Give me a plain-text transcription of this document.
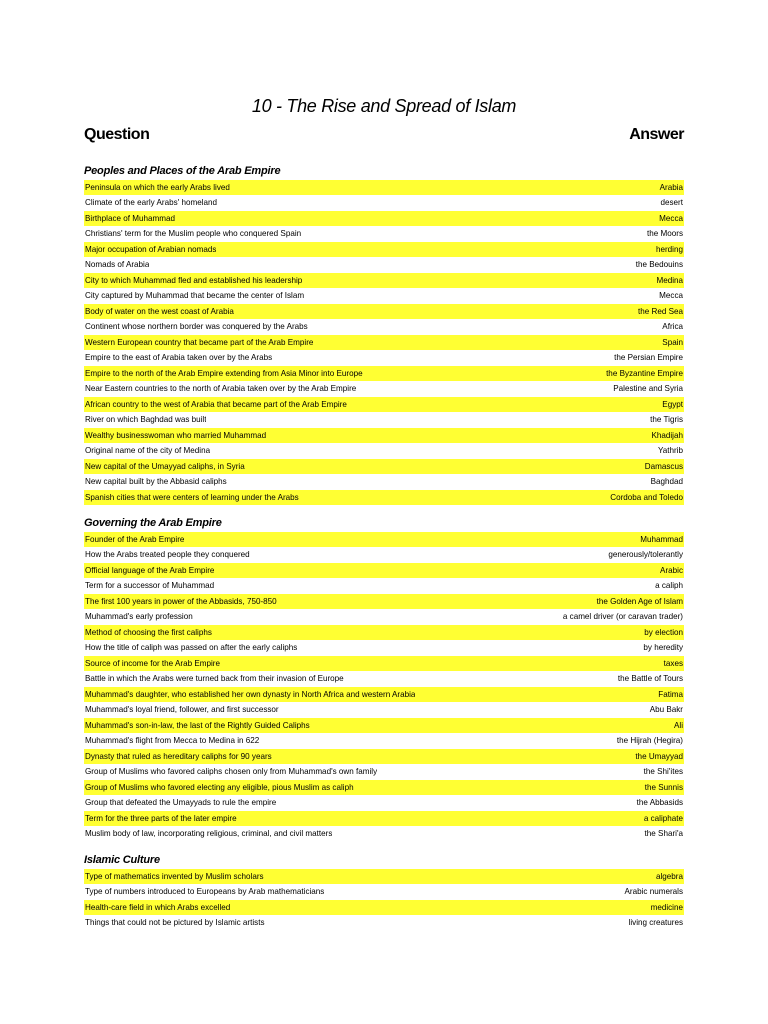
10 - The Rise and Spread of Islam
Question	Answer
Peoples and Places of the Arab Empire
Peninsula on which the early Arabs lived	Arabia
Climate of the early Arabs' homeland	desert
Birthplace of Muhammad	Mecca
Christians' term for the Muslim people who conquered Spain	the Moors
Major occupation of Arabian nomads	herding
Nomads of Arabia	the Bedouins
City to which Muhammad fled and established his leadership	Medina
City captured by Muhammad that became the center of Islam	Mecca
Body of water on the west coast of Arabia	the Red Sea
Continent whose northern border was conquered by the Arabs	Africa
Western European country that became part of the Arab Empire	Spain
Empire to the east of Arabia taken over by the Arabs	the Persian Empire
Empire to the north of the Arab Empire extending from Asia Minor into Europe	the Byzantine Empire
Near Eastern countries to the north of Arabia taken over by the Arab Empire	Palestine and Syria
African country to the west of Arabia that became part of the Arab Empire	Egypt
River on which Baghdad was built	the Tigris
Wealthy businesswoman who married Muhammad	Khadijah
Original name of the city of Medina	Yathrib
New capital of the Umayyad caliphs, in Syria	Damascus
New capital built by the Abbasid caliphs	Baghdad
Spanish cities that were centers of learning under the Arabs	Cordoba and Toledo
Governing the Arab Empire
Founder of the Arab Empire	Muhammad
How the Arabs treated people they conquered	generously/tolerantly
Official language of the Arab Empire	Arabic
Term for a successor of Muhammad	a caliph
The first 100 years in power of the Abbasids, 750-850	the Golden Age of Islam
Muhammad's early profession	a camel driver (or caravan trader)
Method of choosing the first caliphs	by election
How the title of caliph was passed on after the early caliphs	by heredity
Source of income for the Arab Empire	taxes
Battle in which the Arabs were turned back from their invasion of Europe	the Battle of Tours
Muhammad's daughter, who established her own dynasty in North Africa and western Arabia	Fatima
Muhammad's loyal friend, follower, and first successor	Abu Bakr
Muhammad's son-in-law, the last of the Rightly Guided Caliphs	Ali
Muhammad's flight from Mecca to Medina in 622	the Hijrah (Hegira)
Dynasty that ruled as hereditary caliphs for 90 years	the Umayyad
Group of Muslims who favored caliphs chosen only from Muhammad's own family	the Shi'ites
Group of Muslims who favored electing any eligible, pious Muslim as caliph	the Sunnis
Group that defeated the Umayyads to rule the empire	the Abbasids
Term for the three parts of the later empire	a caliphate
Muslim body of law, incorporating religious, criminal, and civil matters	the Shari'a
Islamic Culture
Type of mathematics invented by Muslim scholars	algebra
Type of numbers introduced to Europeans by Arab mathematicians	Arabic numerals
Health-care field in which Arabs excelled	medicine
Things that could not be pictured by Islamic artists	living creatures
